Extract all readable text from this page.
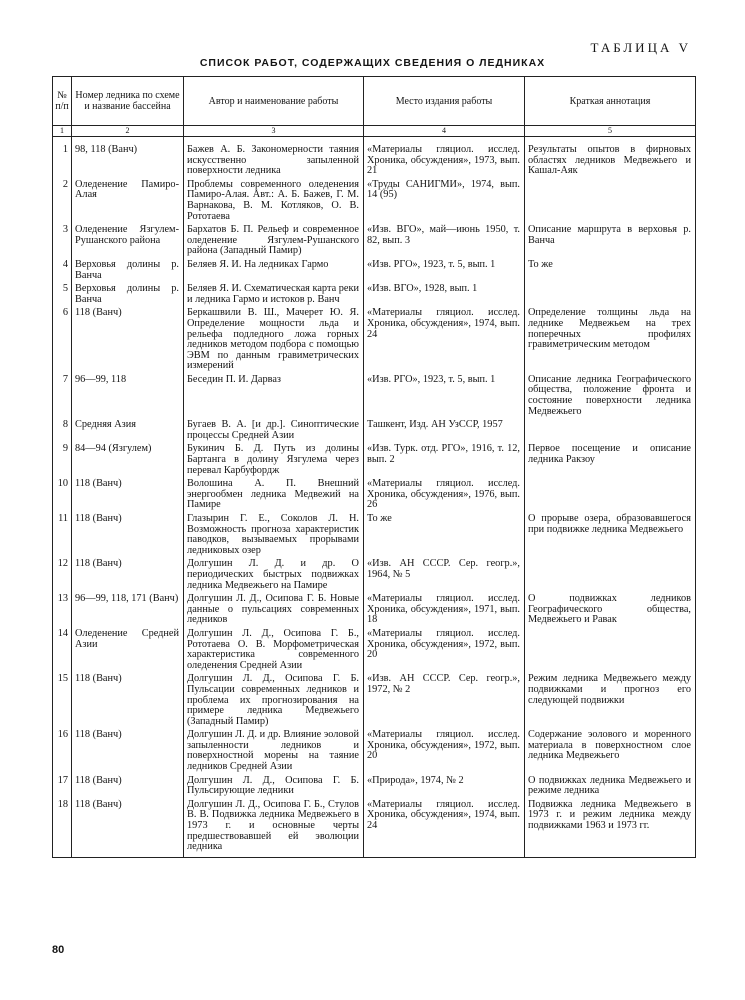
ТАБЛИЦА V
СПИСОК РАБОТ, СОДЕРЖАЩИХ СВЕДЕНИЯ О ЛЕДНИКАХ
№ п/п	Номер ледника по схеме и название бассейна	Автор и наименование работы	Место издания работы	Краткая аннотация
1	2	3	4	5
1	98, 118 (Ванч)	Бажев А. Б. Закономерности таяния искусственно запыленной поверхности ледника	«Материалы гляциол. исслед. Хроника, обсуждения», 1973, вып. 21	Результаты опытов в фирновых областях ледников Медвежьего и Кашал-Аяк
2	Оледенение Памиро-Алая	Проблемы современного оледенения Памиро-Алая. Авт.: А. Б. Бажев, Г. М. Варнакова, В. М. Котляков, О. В. Рототаева	«Труды САНИГМИ», 1974, вып. 14 (95)	
3	Оледенение Язгулем-Рушанского района	Бархатов Б. П. Рельеф и современное оледенение Язгулем-Рушанского района (Западный Памир)	«Изв. ВГО», май—июнь 1950, т. 82, вып. 3	Описание маршрута в верховья р. Ванча
4	Верховья долины р. Ванча	Беляев Я. И. На ледниках Гармо	«Изв. РГО», 1923, т. 5, вып. 1	То же
5	Верховья долины р. Ванча	Беляев Я. И. Схематическая карта реки и ледника Гармо и истоков р. Ванч	«Изв. ВГО», 1928, вып. 1	
6	118 (Ванч)	Беркашвили В. Ш., Мачерет Ю. Я. Определение мощности льда и рельефа подледного ложа горных ледников методом подбора с помощью ЭВМ по данным гравиметрических измерений	«Материалы гляциол. исслед. Хроника, обсуждения», 1974, вып. 24	Определение толщины льда на леднике Медвежьем на трех поперечных профилях гравиметрическим методом
7	96—99, 118	Беседин П. И. Дарваз	«Изв. РГО», 1923, т. 5, вып. 1	Описание ледника Географического общества, положение фронта и состояние поверхности ледника Медвежьего
8	Средняя Азия	Бугаев В. А. [и др.]. Синоптические процессы Средней Азии	Ташкент, Изд. АН УзССР, 1957	
9	84—94 (Язгулем)	Букинич Б. Д. Путь из долины Бартанга в долину Язгулема через перевал Карбуфордж	«Изв. Турк. отд. РГО», 1916, т. 12, вып. 2	Первое посещение и описание ледника Ракзоу
10	118 (Ванч)	Волошина А. П. Внешний энергообмен ледника Медвежий на Памире	«Материалы гляциол. исслед. Хроника, обсуждения», 1976, вып. 26	
11	118 (Ванч)	Глазырин Г. Е., Соколов Л. Н. Возможность прогноза характеристик паводков, вызываемых прорывами ледниковых озер	То же	О прорыве озера, образовавшегося при подвижке ледника Медвежьего
12	118 (Ванч)	Долгушин Л. Д. и др. О периодических быстрых подвижках ледника Медвежьего на Памире	«Изв. АН СССР. Сер. геогр.», 1964, № 5	
13	96—99, 118, 171 (Ванч)	Долгушин Л. Д., Осипова Г. Б. Новые данные о пульсациях современных ледников	«Материалы гляциол. исслед. Хроника, обсуждения», 1971, вып. 18	О подвижках ледников Географического общества, Медвежьего и Равак
14	Оледенение Средней Азии	Долгушин Л. Д., Осипова Г. Б., Рототаева О. В. Морфометрическая характеристика современного оледенения Средней Азии	«Материалы гляциол. исслед. Хроника, обсуждения», 1972, вып. 20	
15	118 (Ванч)	Долгушин Л. Д., Осипова Г. Б. Пульсации современных ледников и проблема их прогнозирования на примере ледника Медвежьего (Западный Памир)	«Изв. АН СССР. Сер. геогр.», 1972, № 2	Режим ледника Медвежьего между подвижками и прогноз его следующей подвижки
16	118 (Ванч)	Долгушин Л. Д. и др. Влияние эоловой запыленности ледников и поверхностной морены на таяние ледников Средней Азии	«Материалы гляциол. исслед. Хроника, обсуждения», 1972, вып. 20	Содержание эолового и моренного материала в поверхностном слое ледника Медвежьего
17	118 (Ванч)	Долгушин Л. Д., Осипова Г. Б. Пульсирующие ледники	«Природа», 1974, № 2	О подвижках ледника Медвежьего и режиме ледника
18	118 (Ванч)	Долгушин Л. Д., Осипова Г. Б., Стулов В. В. Подвижка ледника Медвежьего в 1973 г. и основные черты предшествовавшей ей эволюции ледника	«Материалы гляциол. исслед. Хроника, обсуждения», 1974, вып. 24	Подвижка ледника Медвежьего в 1973 г. и режим ледника между подвижками 1963 и 1973 гг.
80
